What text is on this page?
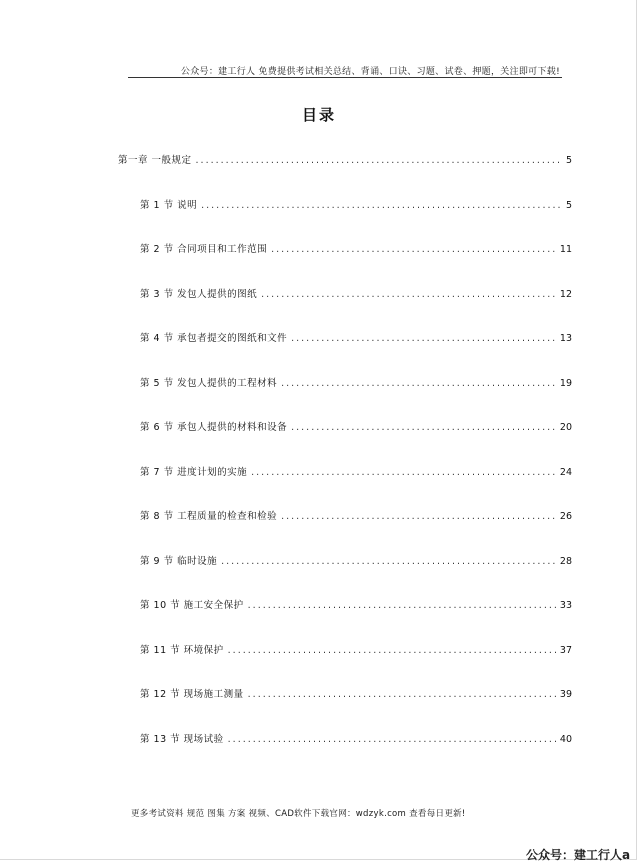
公众号：建工行人 免费提供考试相关总结、背诵、口诀、习题、试卷、押题，关注即可下载!
目录
第一章 一般规定 .....	5
第 1 节 说明 .....	5
第 2 节 合同项目和工作范围 .....	11
第 3 节 发包人提供的图纸 .....	12
第 4 节 承包者提交的图纸和文件 .....	13
第 5 节 发包人提供的工程材料 .....	19
第 6 节 承包人提供的材料和设备 .....	20
第 7 节 进度计划的实施 .....	24
第 8 节 工程质量的检查和检验 .....	26
第 9 节 临时设施 .....	28
第 10 节 施工安全保护 .....	33
第 11 节 环境保护 .....	37
第 12 节 现场施工测量 .....	39
第 13 节 现场试验 .....	40
更多考试资料 规范 图集 方案 视频、CAD软件下载官网：wdzyk.com 查看每日更新!
公众号：建工行人a
